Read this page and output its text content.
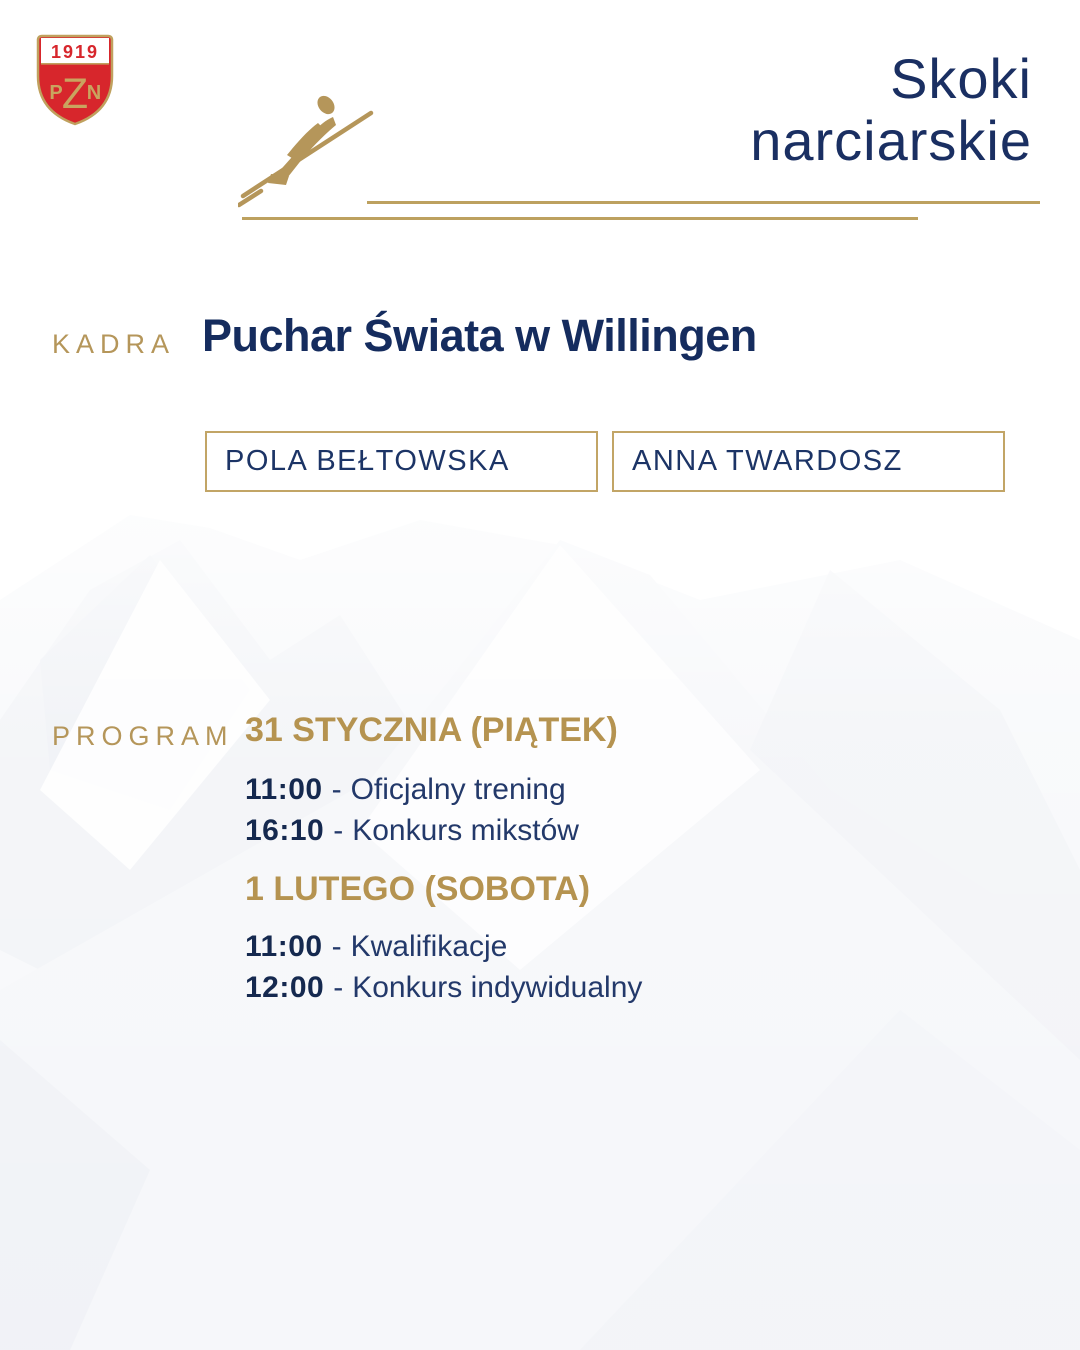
1919
P Z
N	Skoki
narciarskie
KADRA Puchar Świata w Willingen
POLA BEŁTOWSKA	ANNA TWARDOSZ
PROGRAM 31 STYCZNIA (PIĄTEK)
11:00 - Oficjalny trening
16:10 - Konkurs mikstów
1 LUTEGO (SOBOTA)
11:00 - Kwalifikacje
12:00 - Konkurs indywidualny
